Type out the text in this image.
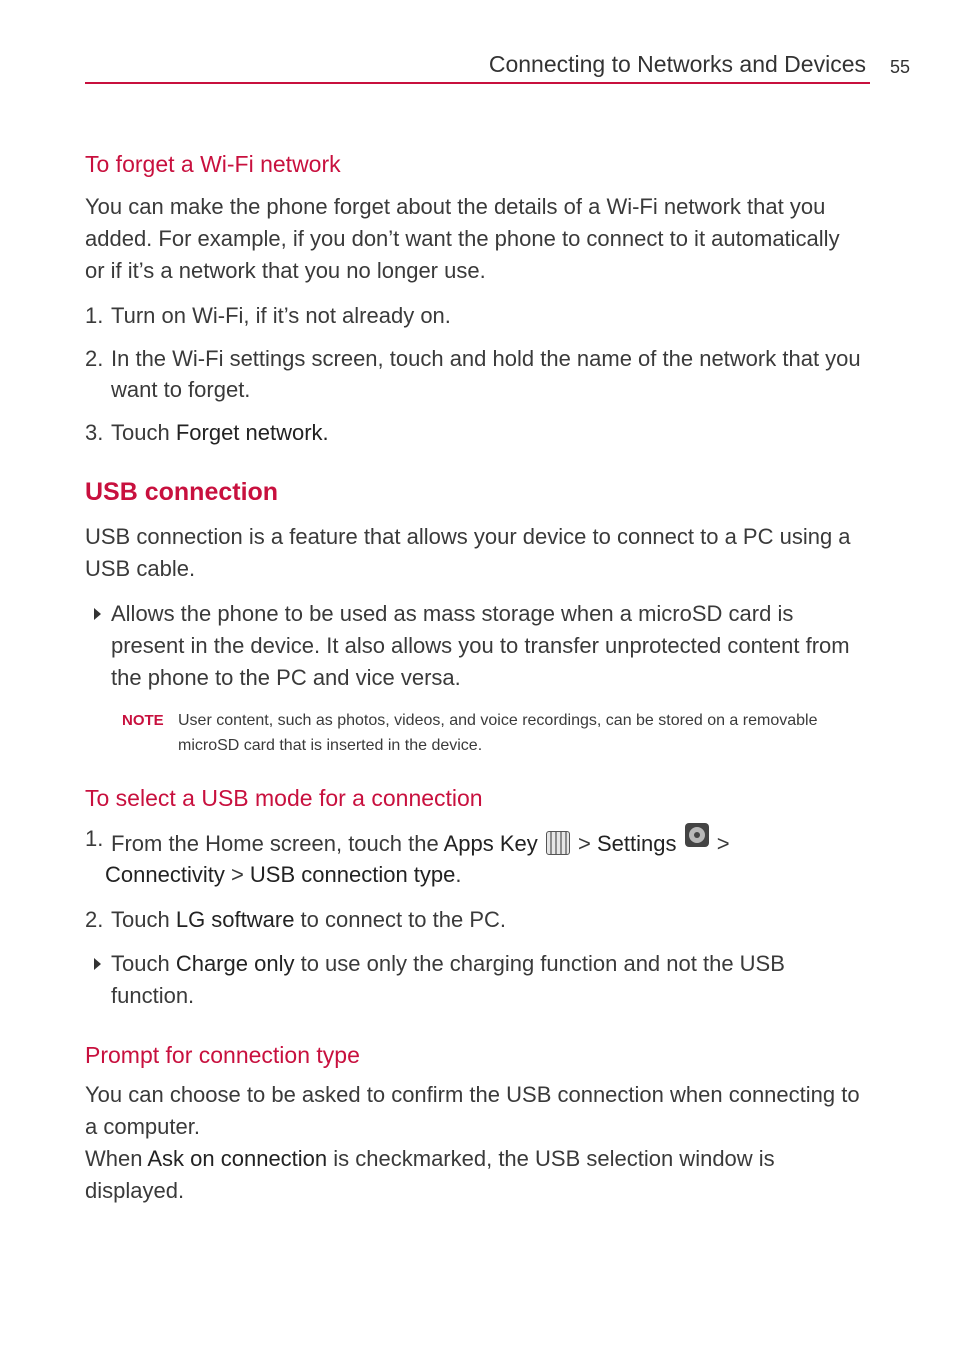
Connecting to Networks and Devices 55
To forget a Wi-Fi network

You can make the phone forget about the details of a Wi-Fi network that you added. For example, if you don’t want the phone to connect to it automatically or if it’s a network that you no longer use.

1. Turn on Wi-Fi, if it’s not already on.
2. In the Wi-Fi settings screen, touch and hold the name of the network that you want to forget.
3. Touch Forget network.
USB connection

USB connection is a feature that allows your device to connect to a PC using a USB cable.

Allows the phone to be used as mass storage when a microSD card is present in the device. It also allows you to transfer unprotected content from the phone to the PC and vice versa.
NOTE User content, such as photos, videos, and voice recordings, can be stored on a removable microSD card that is inserted in the device.
To select a USB mode for a connection
1. From the Home screen, touch the Apps Key  > Settings  >
Connectivity > USB connection type.
2. Touch LG software to connect to the PC.
Touch Charge only to use only the charging function and not the USB function.
Prompt for connection type

You can choose to be asked to confirm the USB connection when connecting to a computer.

When Ask on connection is checkmarked, the USB selection window is displayed.
